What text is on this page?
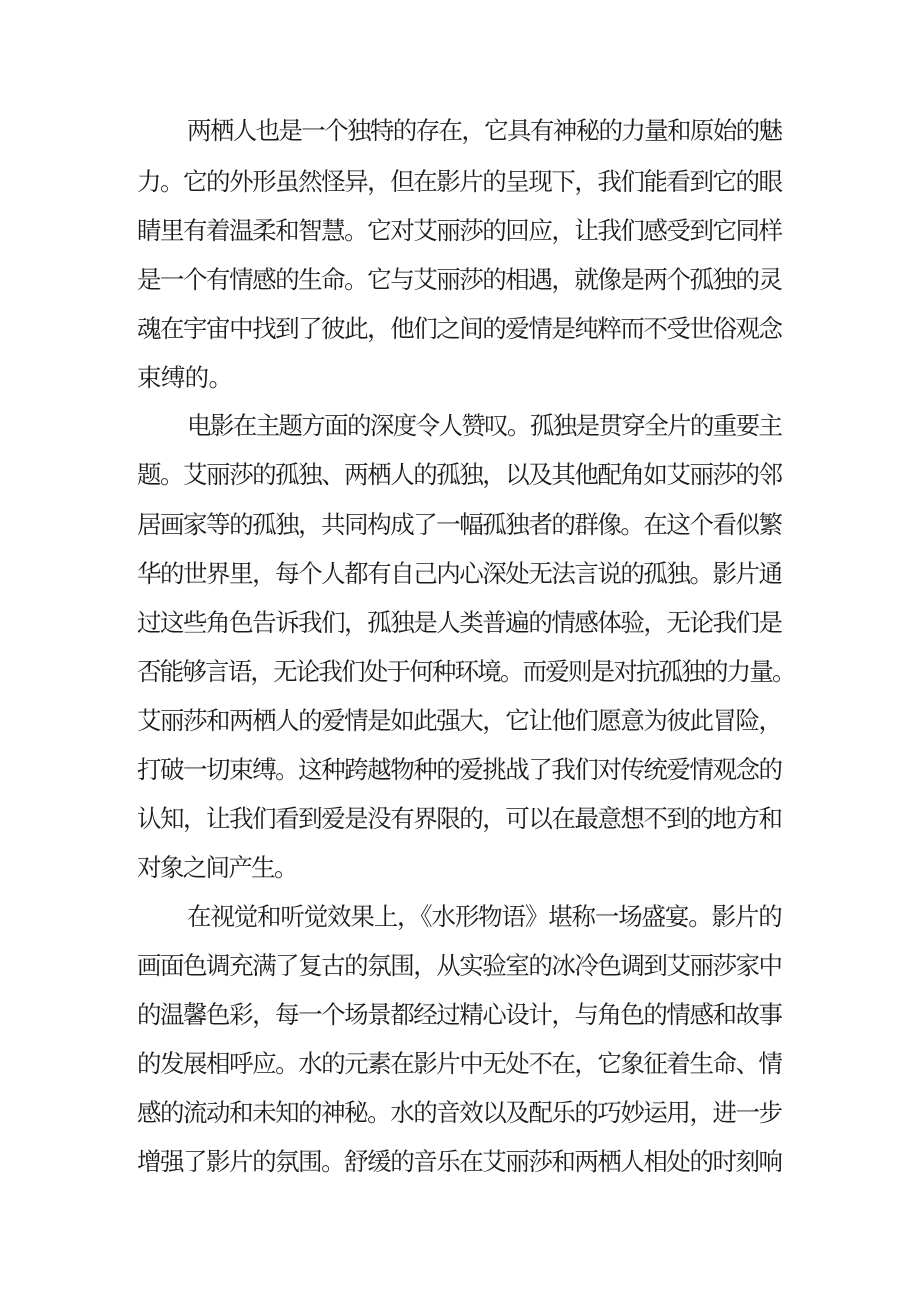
两栖人也是一个独特的存在，它具有神秘的力量和原始的魅
力。它的外形虽然怪异，但在影片的呈现下，我们能看到它的眼
睛里有着温柔和智慧。它对艾丽莎的回应，让我们感受到它同样
是一个有情感的生命。它与艾丽莎的相遇，就像是两个孤独的灵
魂在宇宙中找到了彼此，他们之间的爱情是纯粹而不受世俗观念
束缚的。
电影在主题方面的深度令人赞叹。孤独是贯穿全片的重要主
题。艾丽莎的孤独、两栖人的孤独，以及其他配角如艾丽莎的邻
居画家等的孤独，共同构成了一幅孤独者的群像。在这个看似繁
华的世界里，每个人都有自己内心深处无法言说的孤独。影片通
过这些角色告诉我们，孤独是人类普遍的情感体验，无论我们是
否能够言语，无论我们处于何种环境。而爱则是对抗孤独的力量。
艾丽莎和两栖人的爱情是如此强大，它让他们愿意为彼此冒险，
打破一切束缚。这种跨越物种的爱挑战了我们对传统爱情观念的
认知，让我们看到爱是没有界限的，可以在最意想不到的地方和
对象之间产生。
在视觉和听觉效果上，《水形物语》堪称一场盛宴。影片的
画面色调充满了复古的氛围，从实验室的冰冷色调到艾丽莎家中
的温馨色彩，每一个场景都经过精心设计，与角色的情感和故事
的发展相呼应。水的元素在影片中无处不在，它象征着生命、情
感的流动和未知的神秘。水的音效以及配乐的巧妙运用，进一步
增强了影片的氛围。舒缓的音乐在艾丽莎和两栖人相处的时刻响
